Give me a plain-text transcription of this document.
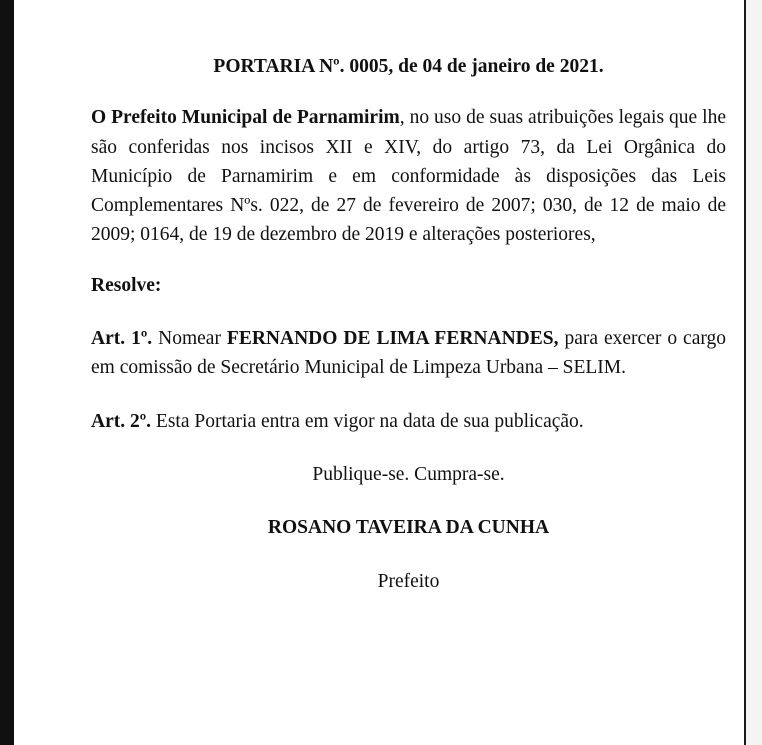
PORTARIA Nº. 0005, de 04 de janeiro de 2021.

O Prefeito Municipal de Parnamirim, no uso de suas atribuições legais que lhe são conferidas nos incisos XII e XIV, do artigo 73, da Lei Orgânica do Município de Parnamirim e em conformidade às disposições das Leis Complementares Nºs. 022, de 27 de fevereiro de 2007; 030, de 12 de maio de 2009; 0164, de 19 de dezembro de 2019 e alterações posteriores,

Resolve:

Art. 1º. Nomear FERNANDO DE LIMA FERNANDES, para exercer o cargo em comissão de Secretário Municipal de Limpeza Urbana – SELIM.

Art. 2º. Esta Portaria entra em vigor na data de sua publicação.

Publique-se. Cumpra-se.

ROSANO TAVEIRA DA CUNHA

Prefeito
